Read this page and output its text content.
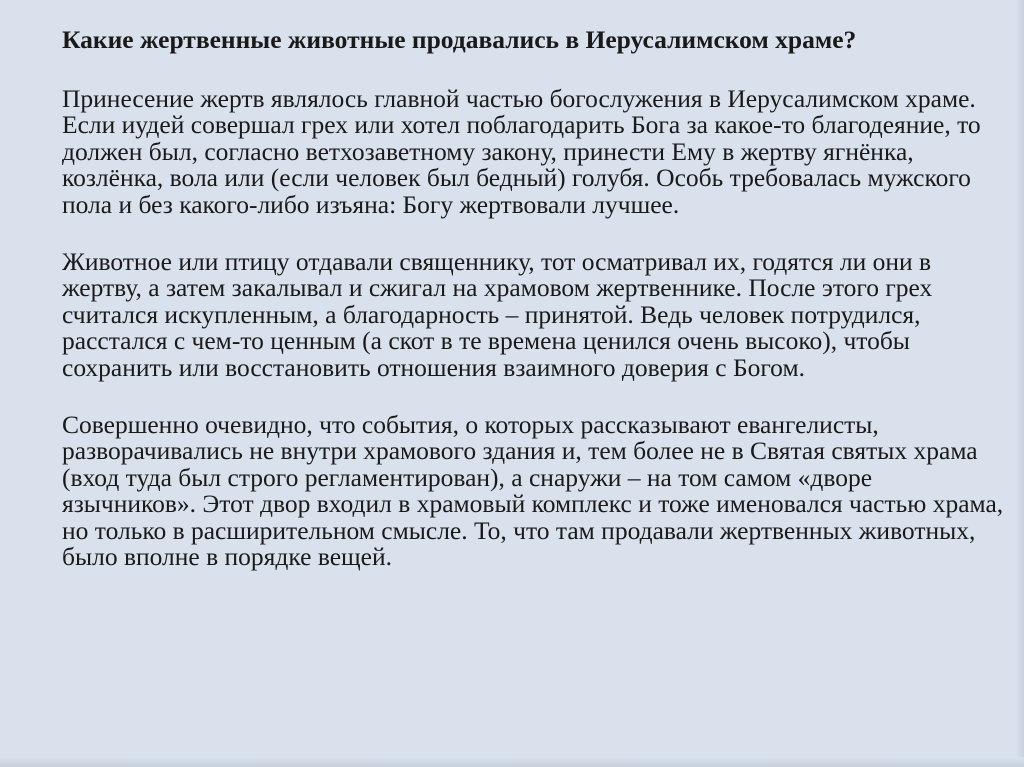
Какие жертвенные животные продавались в Иерусалимском храме?

Принесение жертв являлось главной частью богослужения в Иерусалимском храме. Если иудей совершал грех или хотел поблагодарить Бога за какое-то благодеяние, то должен был, согласно ветхозаветному закону, принести Ему в жертву ягнёнка, козлёнка, вола или (если человек был бедный) голубя. Особь требовалась мужского пола и без какого-либо изъяна: Богу жертвовали лучшее.

Животное или птицу отдавали священнику, тот осматривал их, годятся ли они в жертву, а затем закалывал и сжигал на храмовом жертвеннике. После этого грех считался искупленным, а благодарность – принятой. Ведь человек потрудился, расстался с чем-то ценным (а скот в те времена ценился очень высоко), чтобы сохранить или восстановить отношения взаимного доверия с Богом.

Совершенно очевидно, что события, о которых рассказывают евангелисты, разворачивались не внутри храмового здания и, тем более не в Святая святых храма (вход туда был строго регламентирован), а снаружи – на том самом «дворе язычников». Этот двор входил в храмовый комплекс и тоже именовался частью храма, но только в расширительном смысле. То, что там продавали жертвенных животных, было вполне в порядке вещей.
